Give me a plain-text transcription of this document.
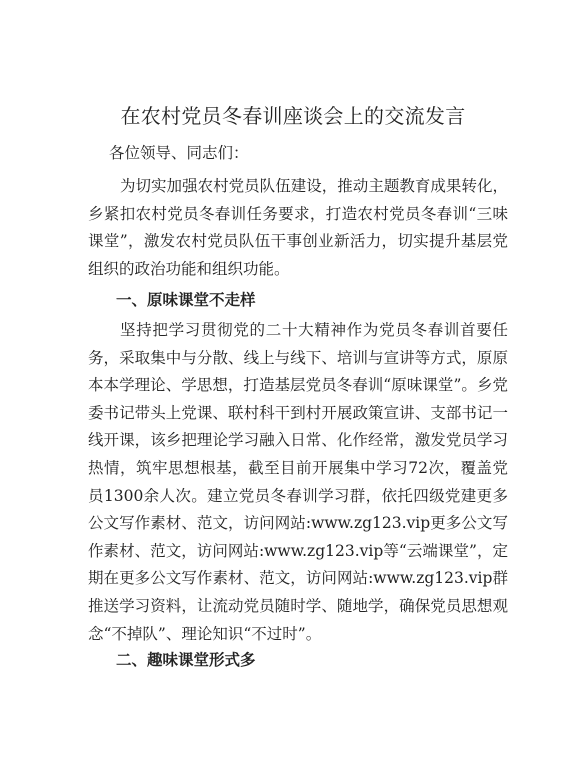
在农村党员冬春训座谈会上的交流发言
各位领导、同志们：
为切实加强农村党员队伍建设，推动主题教育成果转化，乡紧扣农村党员冬春训任务要求，打造农村党员冬春训“三味课堂”，激发农村党员队伍干事创业新活力，切实提升基层党组织的政治功能和组织功能。
一、原味课堂不走样
坚持把学习贯彻党的二十大精神作为党员冬春训首要任务，采取集中与分散、线上与线下、培训与宣讲等方式，原原本本学理论、学思想，打造基层党员冬春训“原味课堂”。乡党委书记带头上党课、联村科干到村开展政策宣讲、支部书记一线开课，该乡把理论学习融入日常、化作经常，激发党员学习热情，筑牢思想根基，截至目前开展集中学习72次，覆盖党员1300余人次。建立党员冬春训学习群，依托四级党建更多公文写作素材、范文，访问网站:www.zg123.vip更多公文写作素材、范文，访问网站:www.zg123.vip等“云端课堂”，定期在更多公文写作素材、范文，访问网站:www.zg123.vip群推送学习资料，让流动党员随时学、随地学，确保党员思想观念“不掉队”、理论知识“不过时”。
二、趣味课堂形式多
